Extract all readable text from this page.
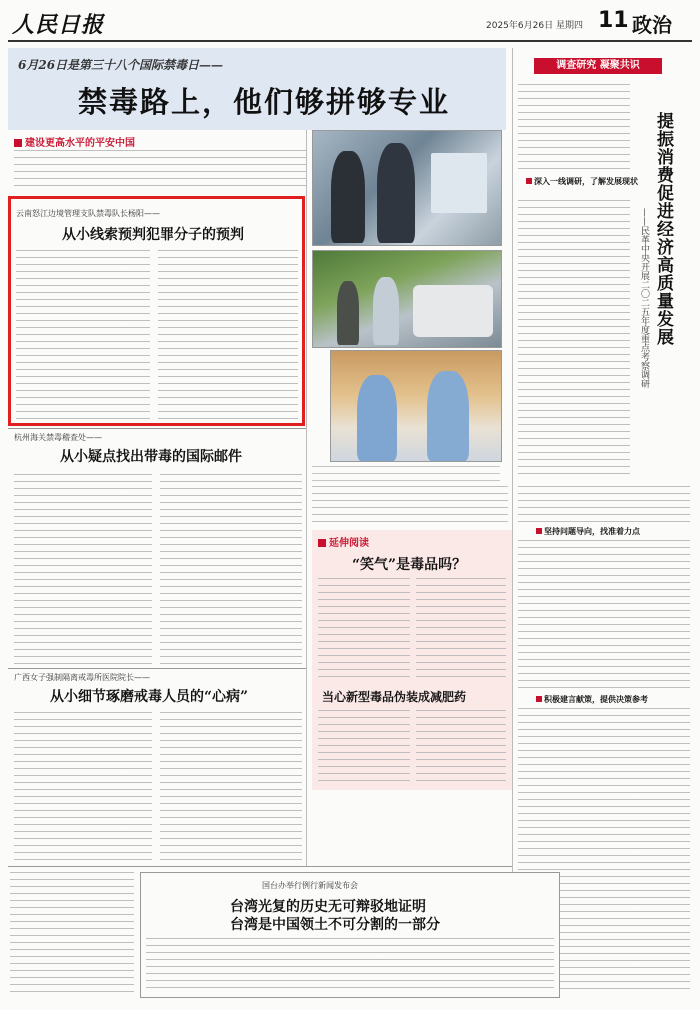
人民日报	2025年6月26日 星期四 11 政治
6月26日是第三十八个国际禁毒日——
禁毒路上，他们够拼够专业
建设更高水平的平安中国
云南怒江边境管理支队禁毒队长杨阳——
从小线索预判犯罪分子的预判
杭州海关禁毒稽查处——
从小疑点找出带毒的国际邮件
广西女子强制隔离戒毒所医院院长——
从小细节琢磨戒毒人员的“心病”
延伸阅读
“笑气”是毒品吗？
当心新型毒品伪装成减肥药
调查研究 凝聚共识
提振消费促进经济高质量发展
——民革中央开展二〇二五年度重点考察调研
深入一线调研，了解发展现状
坚持问题导向，找准着力点
积极建言献策，提供决策参考
国台办举行例行新闻发布会
台湾光复的历史无可辩驳地证明
台湾是中国领土不可分割的一部分
